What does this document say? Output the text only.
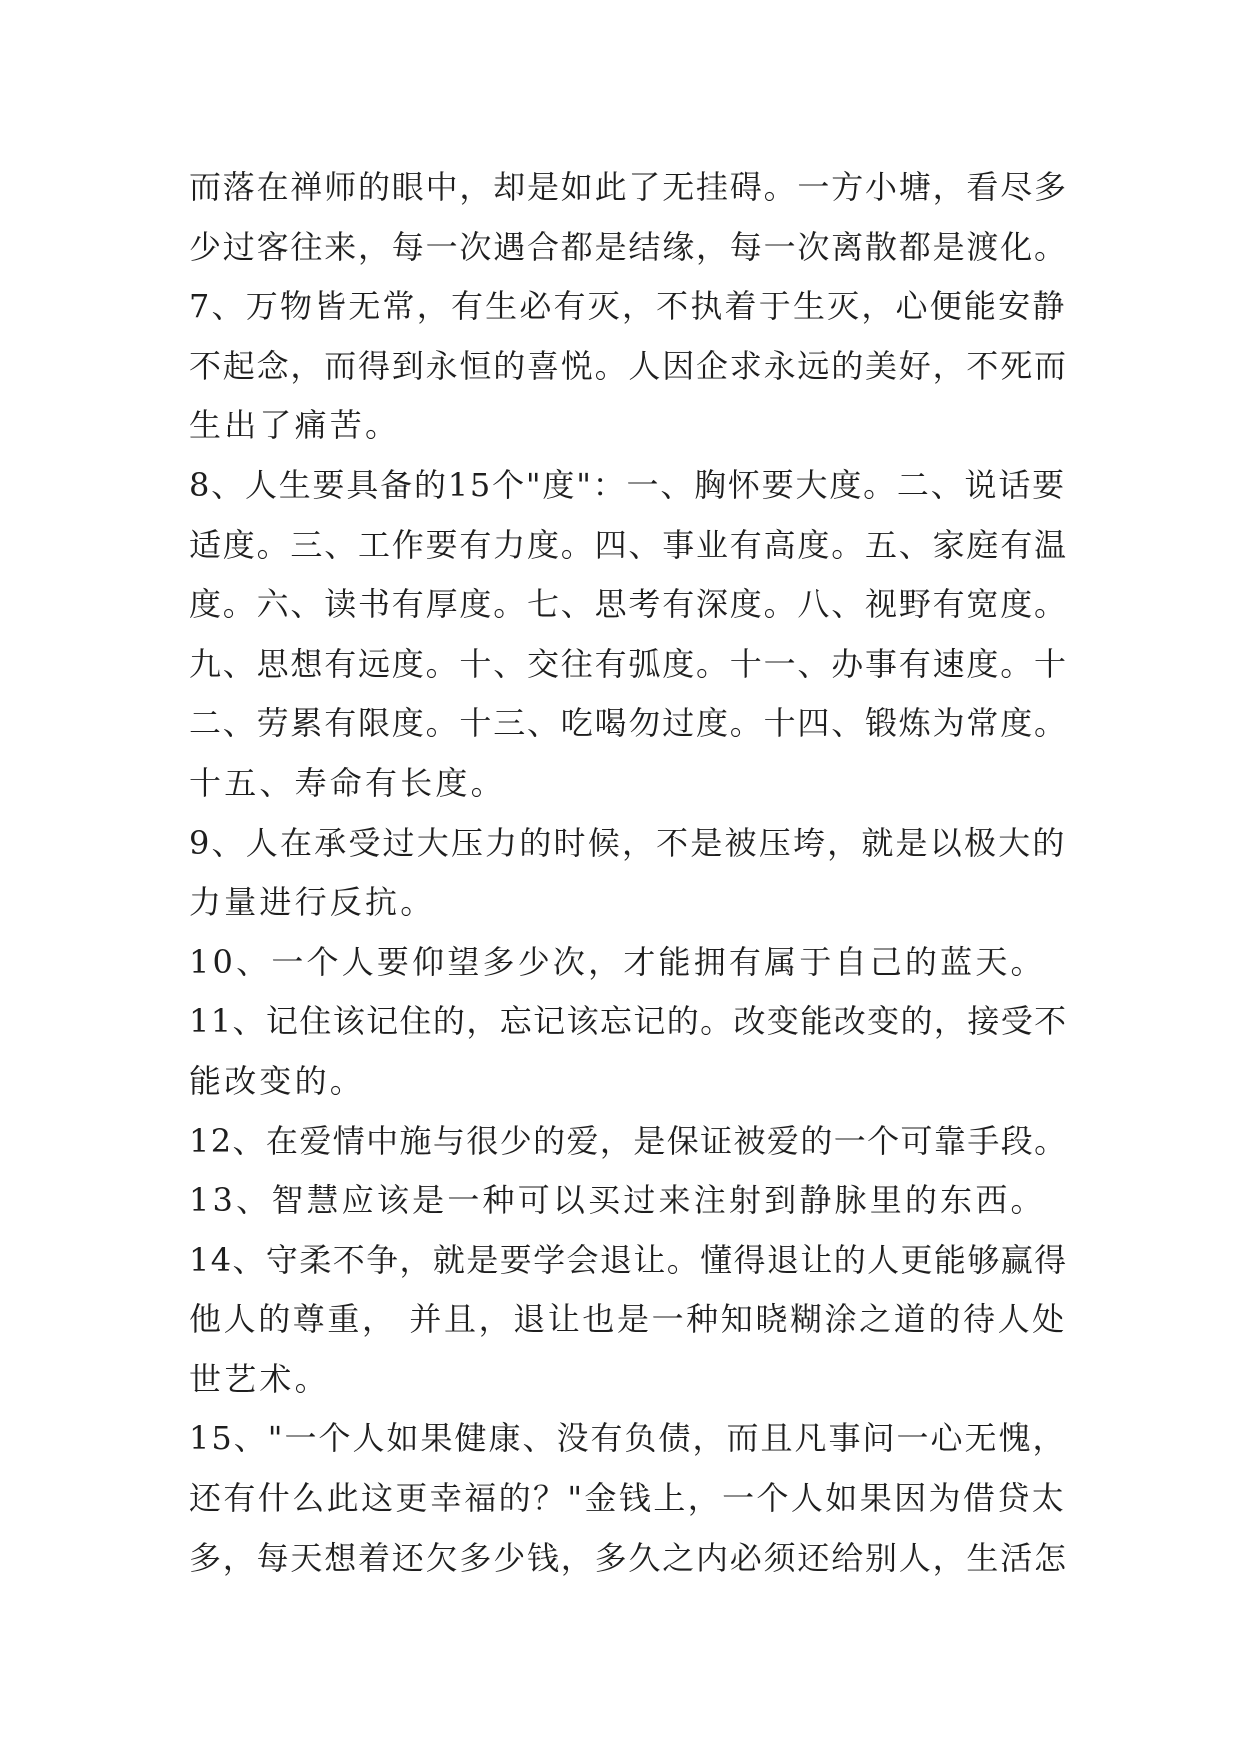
而落在禅师的眼中，却是如此了无挂碍。一方小塘，看尽多
少过客往来，每一次遇合都是结缘，每一次离散都是渡化。
7、万物皆无常，有生必有灭，不执着于生灭，心便能安静
不起念，而得到永恒的喜悦。人因企求永远的美好，不死而
生出了痛苦。
8、人生要具备的15个"度"：一、胸怀要大度。二、说话要
适度。三、工作要有力度。四、事业有高度。五、家庭有温
度。六、读书有厚度。七、思考有深度。八、视野有宽度。
九、思想有远度。十、交往有弧度。十一、办事有速度。十
二、劳累有限度。十三、吃喝勿过度。十四、锻炼为常度。
十五、寿命有长度。
9、人在承受过大压力的时候，不是被压垮，就是以极大的
力量进行反抗。
10、一个人要仰望多少次，才能拥有属于自己的蓝天。
11、记住该记住的，忘记该忘记的。改变能改变的，接受不
能改变的。
12、在爱情中施与很少的爱，是保证被爱的一个可靠手段。
13、智慧应该是一种可以买过来注射到静脉里的东西。
14、守柔不争，就是要学会退让。懂得退让的人更能够赢得
他人的尊重， 并且，退让也是一种知晓糊涂之道的待人处
世艺术。
15、"一个人如果健康、没有负债，而且凡事问一心无愧，
还有什么此这更幸福的？"金钱上，一个人如果因为借贷太
多，每天想着还欠多少钱，多久之内必须还给别人，生活怎
